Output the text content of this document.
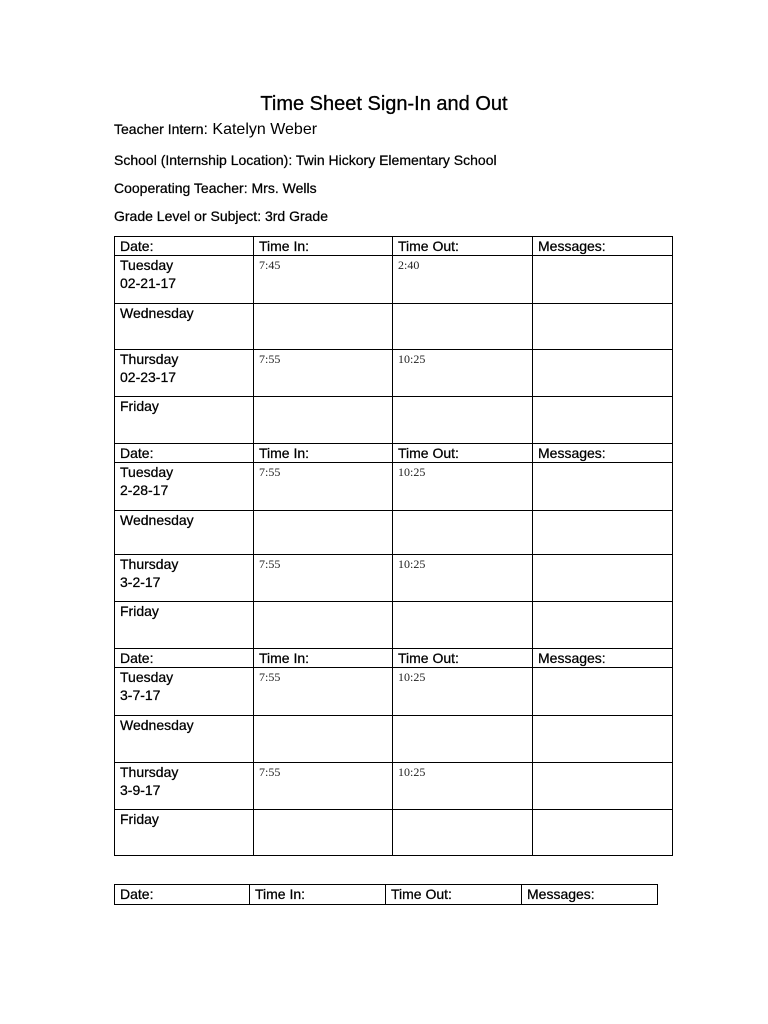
Time Sheet Sign-In and Out
Teacher Intern: Katelyn Weber
School (Internship Location): Twin Hickory Elementary School
Cooperating Teacher: Mrs. Wells
Grade Level or Subject: 3rd Grade
Date:	Time In:	Time Out:	Messages:

Tuesday
02-21-17	7:45	2:40	

Wednesday			

Thursday
02-23-17	7:55	10:25	

Friday			

Date:	Time In:	Time Out:	Messages:

Tuesday
2-28-17	7:55	10:25	

Wednesday			

Thursday
3-2-17	7:55	10:25	

Friday			

Date:	Time In:	Time Out:	Messages:

Tuesday
3-7-17	7:55	10:25	

Wednesday			

Thursday
3-9-17	7:55	10:25	

Friday			

Date:	Time In:	Time Out:	Messages:
